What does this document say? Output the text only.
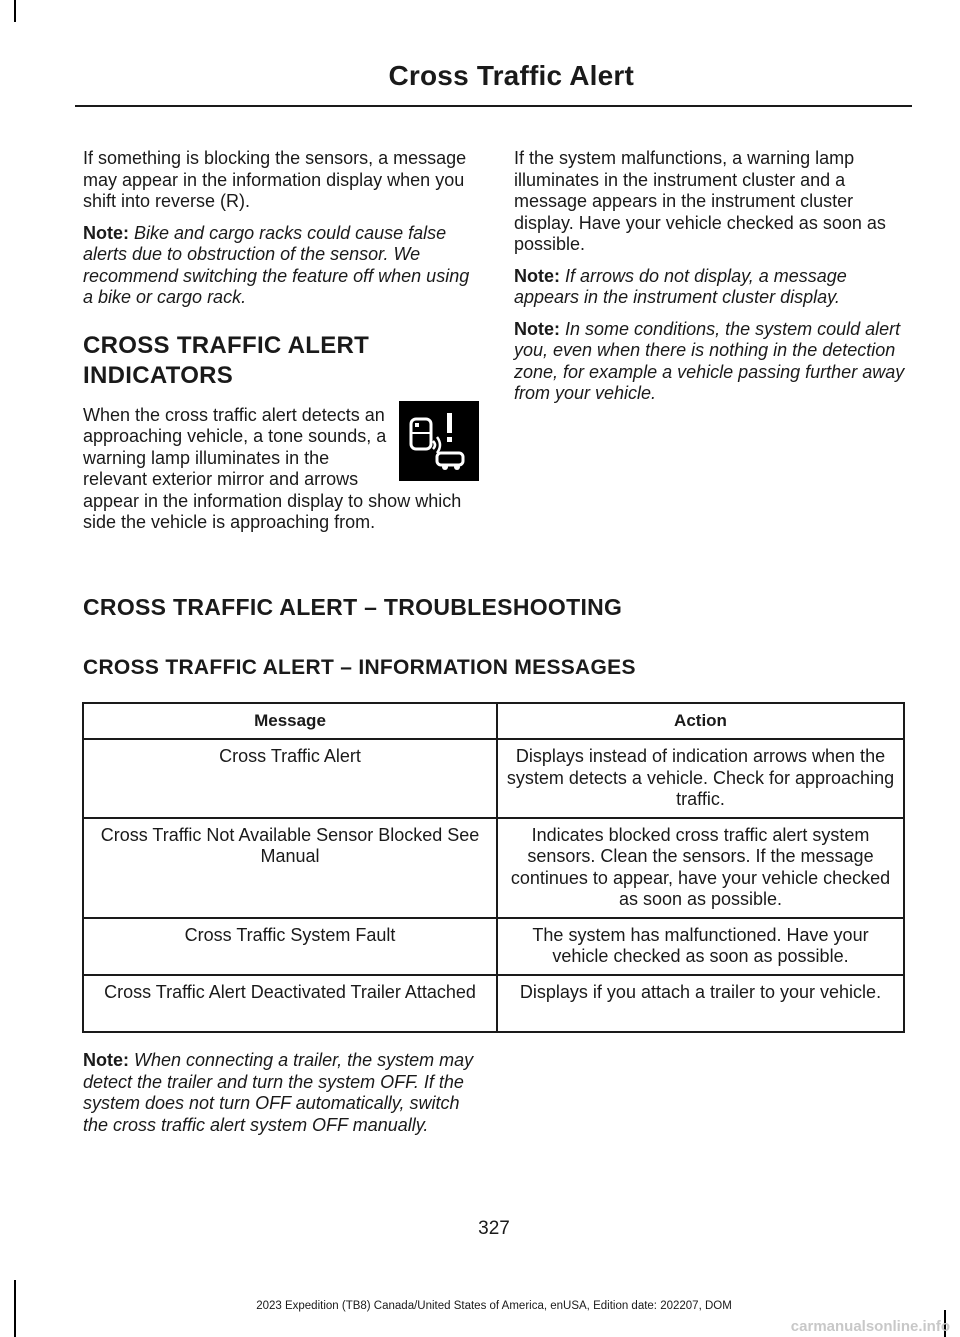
Cross Traffic Alert

If something is blocking the sensors, a message may appear in the information display when you shift into reverse (R).

Note: Bike and cargo racks could cause false alerts due to obstruction of the sensor. We recommend switching the feature off when using a bike or cargo rack.

CROSS TRAFFIC ALERT
INDICATORS
When the cross traffic alert detects an approaching vehicle, a tone sounds, a warning lamp illuminates in the relevant exterior mirror and arrows appear in the information display to show which side the vehicle is approaching from.

If the system malfunctions, a warning lamp illuminates in the instrument cluster and a message appears in the instrument cluster display. Have your vehicle checked as soon as possible.

Note: If arrows do not display, a message appears in the instrument cluster display.

Note: In some conditions, the system could alert you, even when there is nothing in the detection zone, for example a vehicle passing further away from your vehicle.

CROSS TRAFFIC ALERT – TROUBLESHOOTING
CROSS TRAFFIC ALERT – INFORMATION MESSAGES
Message	Action
Cross Traffic Alert	Displays instead of indication arrows when the system detects a vehicle. Check for approaching traffic.
Cross Traffic Not Available Sensor Blocked See Manual	Indicates blocked cross traffic alert system sensors. Clean the sensors. If the message continues to appear, have your vehicle checked as soon as possible.
Cross Traffic System Fault	The system has malfunctioned. Have your vehicle checked as soon as possible.
Cross Traffic Alert Deactivated Trailer Attached	Displays if you attach a trailer to your vehicle.
Note: When connecting a trailer, the system may detect the trailer and turn the system OFF. If the system does not turn OFF automatically, switch the cross traffic alert system OFF manually.
327
2023 Expedition (TB8) Canada/United States of America, enUSA, Edition date: 202207, DOM
carmanualsonline.info
